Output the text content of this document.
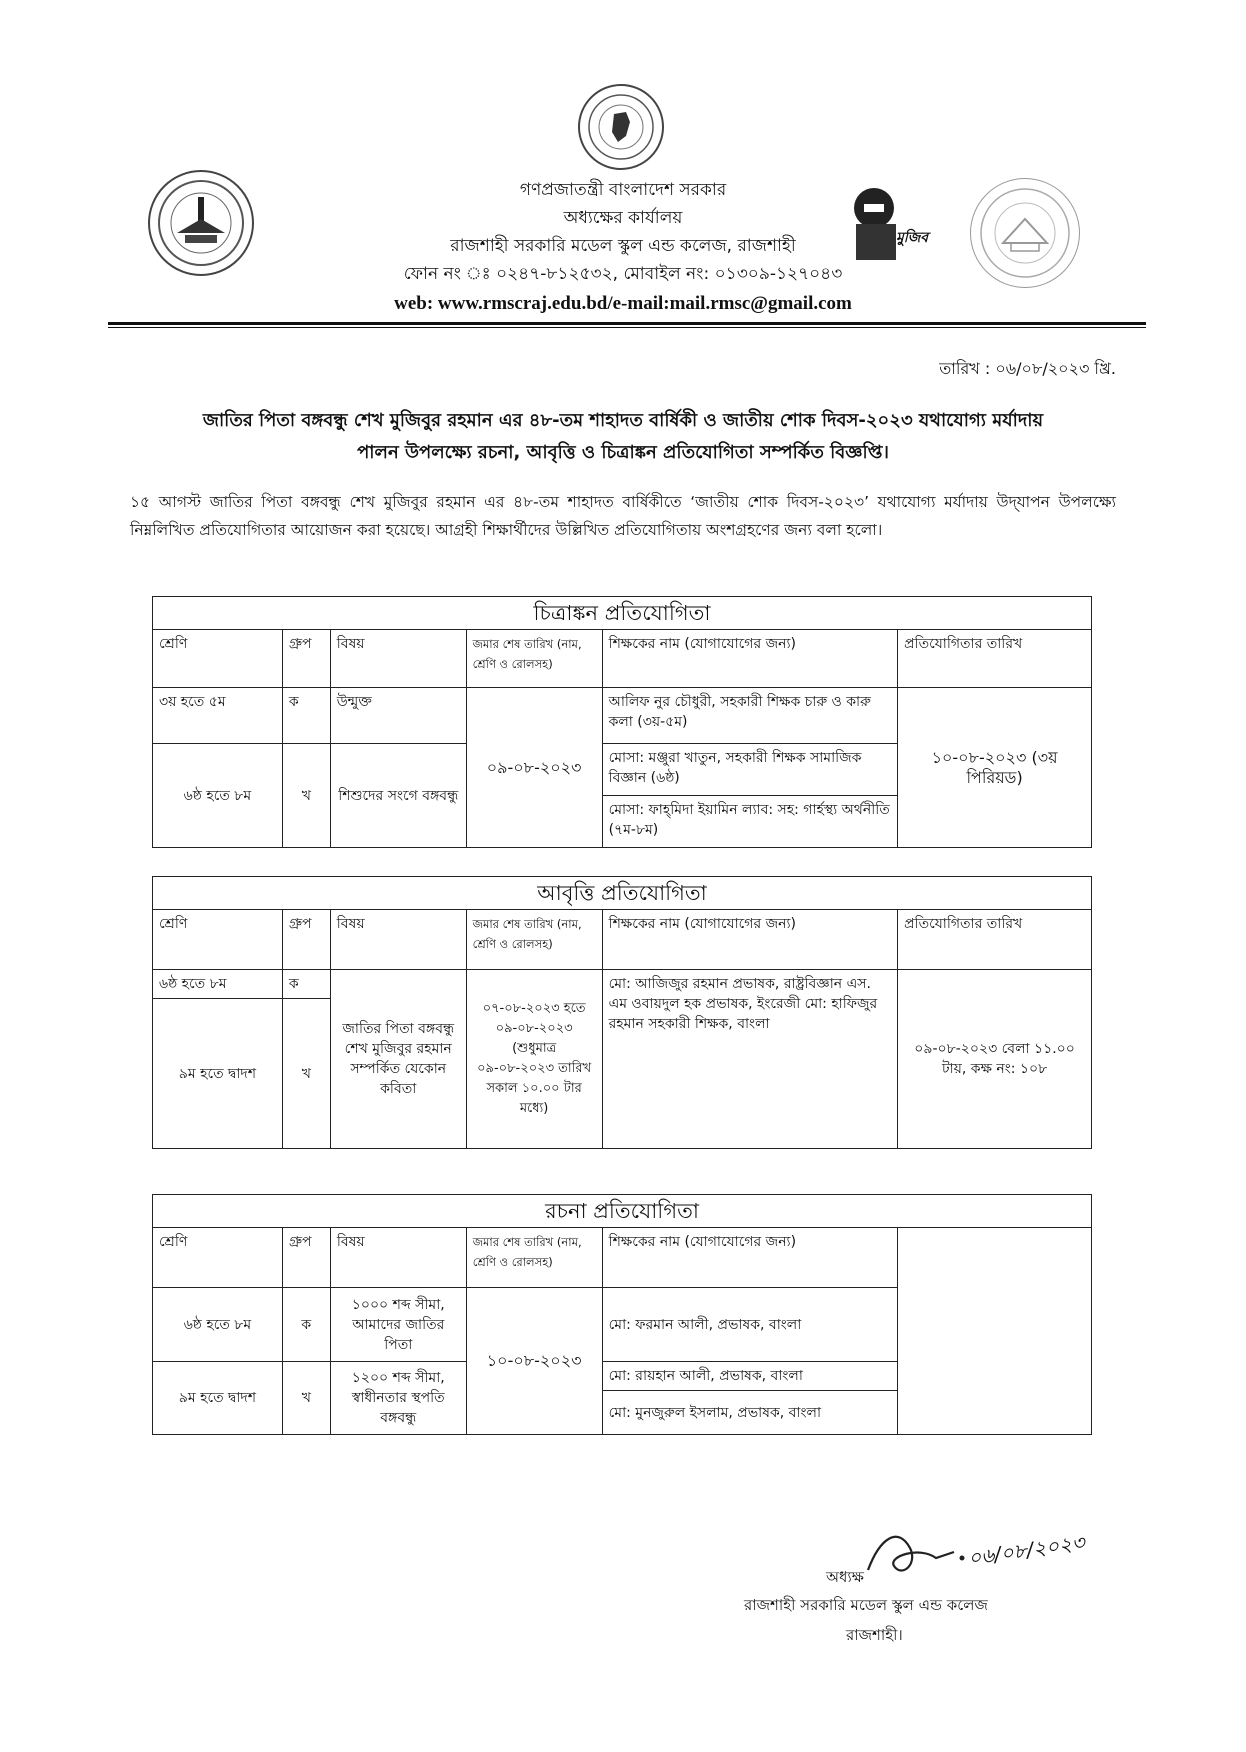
মুজিব
গণপ্রজাতন্ত্রী বাংলাদেশ সরকার
অধ্যক্ষের কার্যালয়
রাজশাহী সরকারি মডেল স্কুল এন্ড কলেজ, রাজশাহী
ফোন নং ঃ ০২৪৭-৮১২৫৩২, মোবাইল নং: ০১৩০৯-১২৭০৪৩
web: www.rmscraj.edu.bd/e-mail:mail.rmsc@gmail.com
তারিখ : ০৬/০৮/২০২৩ খ্রি.
জাতির পিতা বঙ্গবন্ধু শেখ মুজিবুর রহমান এর ৪৮-তম শাহাদত বার্ষিকী ও জাতীয় শোক দিবস-২০২৩ যথাযোগ্য মর্যাদায়
পালন উপলক্ষ্যে রচনা, আবৃত্তি ও চিত্রাঙ্কন প্রতিযোগিতা সম্পর্কিত বিজ্ঞপ্তি।
১৫ আগস্ট জাতির পিতা বঙ্গবন্ধু শেখ মুজিবুর রহমান এর ৪৮-তম শাহাদত বার্ষিকীতে ‘জাতীয় শোক দিবস-২০২৩’ যথাযোগ্য মর্যাদায় উদ্‌যাপন উপলক্ষ্যে নিম্নলিখিত প্রতিযোগিতার আয়োজন করা হয়েছে। আগ্রহী শিক্ষার্থীদের উল্লিখিত প্রতিযোগিতায় অংশগ্রহণের জন্য বলা হলো।
চিত্রাঙ্কন প্রতিযোগিতা					
শ্রেণি	গ্রুপ	বিষয়	জমার শেষ তারিখ (নাম, শ্রেণি ও রোলসহ)	শিক্ষকের নাম (যোগাযোগের জন্য)	প্রতিযোগিতার তারিখ
৩য় হতে ৫ম	ক	উন্মুক্ত	০৯-০৮-২০২৩	আলিফ নুর চৌধুরী, সহকারী শিক্ষক চারু ও কারু কলা (৩য়-৫ম)	১০-০৮-২০২৩ (৩য় পিরিয়ড)
৬ষ্ঠ হতে ৮ম	খ	শিশুদের সংগে বঙ্গবন্ধু		মোসা: মঞ্জুরা খাতুন, সহকারী শিক্ষক সামাজিক বিজ্ঞান (৬ষ্ঠ)	
				মোসা: ফাহ্‌মিদা ইয়ামিন ল্যাব: সহ: গার্হস্থ্য অর্থনীতি (৭ম-৮ম)	
আবৃত্তি প্রতিযোগিতা					
শ্রেণি	গ্রুপ	বিষয়	জমার শেষ তারিখ (নাম, শ্রেণি ও রোলসহ)	শিক্ষকের নাম (যোগাযোগের জন্য)	প্রতিযোগিতার তারিখ
৬ষ্ঠ হতে ৮ম	ক	জাতির পিতা বঙ্গবন্ধু শেখ মুজিবুর রহমান সম্পর্কিত যেকোন কবিতা	০৭-০৮-২০২৩ হতে ০৯-০৮-২০২৩ (শুধুমাত্র ০৯-০৮-২০২৩ তারিখ সকাল ১০.০০ টার মধ্যে)	মো: আজিজুর রহমান প্রভাষক, রাষ্ট্রবিজ্ঞান এস. এম ওবায়দুল হক প্রভাষক, ইংরেজী মো: হাফিজুর রহমান সহকারী শিক্ষক, বাংলা	০৯-০৮-২০২৩ বেলা ১১.০০ টায়, কক্ষ নং: ১০৮
৯ম হতে দ্বাদশ	খ				
রচনা প্রতিযোগিতা					
শ্রেণি	গ্রুপ	বিষয়	জমার শেষ তারিখ (নাম, শ্রেণি ও রোলসহ)	শিক্ষকের নাম (যোগাযোগের জন্য)	
৬ষ্ঠ হতে ৮ম	ক	১০০০ শব্দ সীমা, আমাদের জাতির পিতা	১০-০৮-২০২৩	মো: ফরমান আলী, প্রভাষক, বাংলা	
৯ম হতে দ্বাদশ	খ	১২০০ শব্দ সীমা, স্বাধীনতার স্থপতি বঙ্গবন্ধু		মো: রায়হান আলী, প্রভাষক, বাংলা	
				মো: মুনজুরুল ইসলাম, প্রভাষক, বাংলা	
০৬/০৮/২০২৩
অধ্যক্ষ
রাজশাহী সরকারি মডেল স্কুল এন্ড কলেজ
রাজশাহী।
